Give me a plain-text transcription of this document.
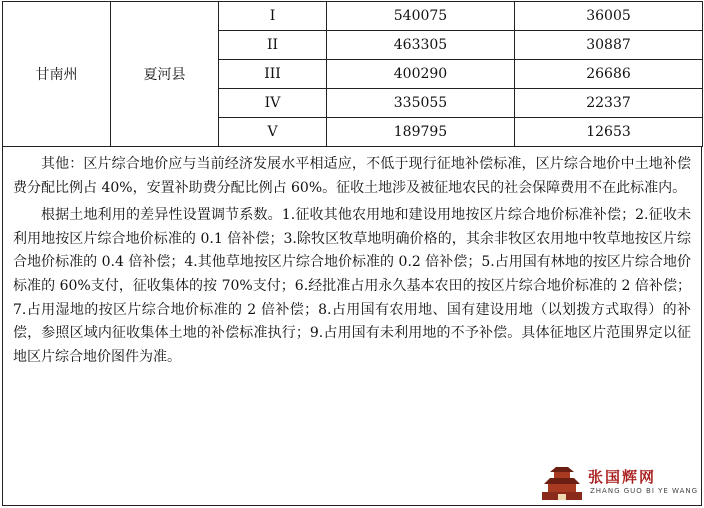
甘南州	夏河县	I	540075	36005
		II	463305	30887
		III	400290	26686
		IV	335055	22337
		V	189795	12653

其他：区片综合地价应与当前经济发展水平相适应，不低于现行征地补偿标准，区片综合地价中土地补偿费分配比例占 40%，安置补助费分配比例占 60%。征收土地涉及被征地农民的社会保障费用不在此标准内。

根据土地利用的差异性设置调节系数。1.征收其他农用地和建设用地按区片综合地价标准补偿；2.征收未利用地按区片综合地价标准的 0.1 倍补偿；3.除牧区牧草地明确价格的，其余非牧区农用地中牧草地按区片综合地价标准的 0.4 倍补偿；4.其他草地按区片综合地价标准的 0.2 倍补偿；5.占用国有林地的按区片综合地价标准的 60%支付，征收集体的按 70%支付；6.经批准占用永久基本农田的按区片综合地价标准的 2 倍补偿；7.占用湿地的按区片综合地价标准的 2 倍补偿；8.占用国有农用地、国有建设用地（以划拨方式取得）的补偿，参照区域内征收集体土地的补偿标准执行；9.占用国有未利用地的不予补偿。具体征地区片范围界定以征地区片综合地价图件为准。

张国辉网
ZHANG GUO BI YE WANG
